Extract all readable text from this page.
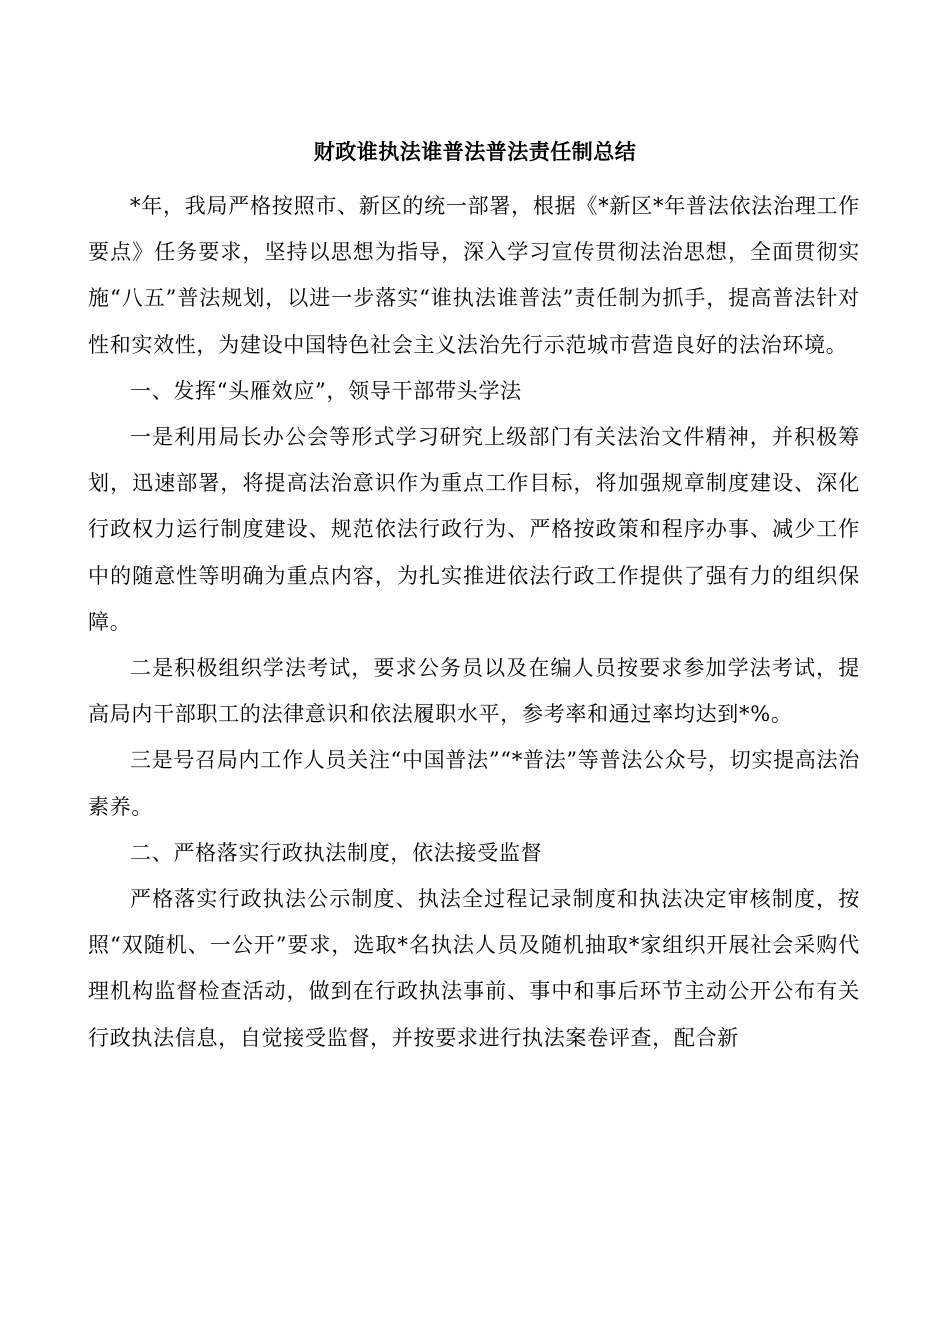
财政谁执法谁普法普法责任制总结

*年，我局严格按照市、新区的统一部署，根据《*新区*年普法依法治理工作要点》任务要求，坚持以思想为指导，深入学习宣传贯彻法治思想，全面贯彻实施“八五”普法规划，以进一步落实“谁执法谁普法”责任制为抓手，提高普法针对性和实效性，为建设中国特色社会主义法治先行示范城市营造良好的法治环境。

一、发挥“头雁效应”，领导干部带头学法

一是利用局长办公会等形式学习研究上级部门有关法治文件精神，并积极筹划，迅速部署，将提高法治意识作为重点工作目标，将加强规章制度建设、深化行政权力运行制度建设、规范依法行政行为、严格按政策和程序办事、减少工作中的随意性等明确为重点内容，为扎实推进依法行政工作提供了强有力的组织保障。

二是积极组织学法考试，要求公务员以及在编人员按要求参加学法考试，提高局内干部职工的法律意识和依法履职水平，参考率和通过率均达到*%。

三是号召局内工作人员关注“中国普法”“*普法”等普法公众号，切实提高法治素养。

二、严格落实行政执法制度，依法接受监督

严格落实行政执法公示制度、执法全过程记录制度和执法决定审核制度，按照“双随机、一公开”要求，选取*名执法人员及随机抽取*家组织开展社会采购代理机构监督检查活动，做到在行政执法事前、事中和事后环节主动公开公布有关行政执法信息，自觉接受监督，并按要求进行执法案卷评查，配合新
